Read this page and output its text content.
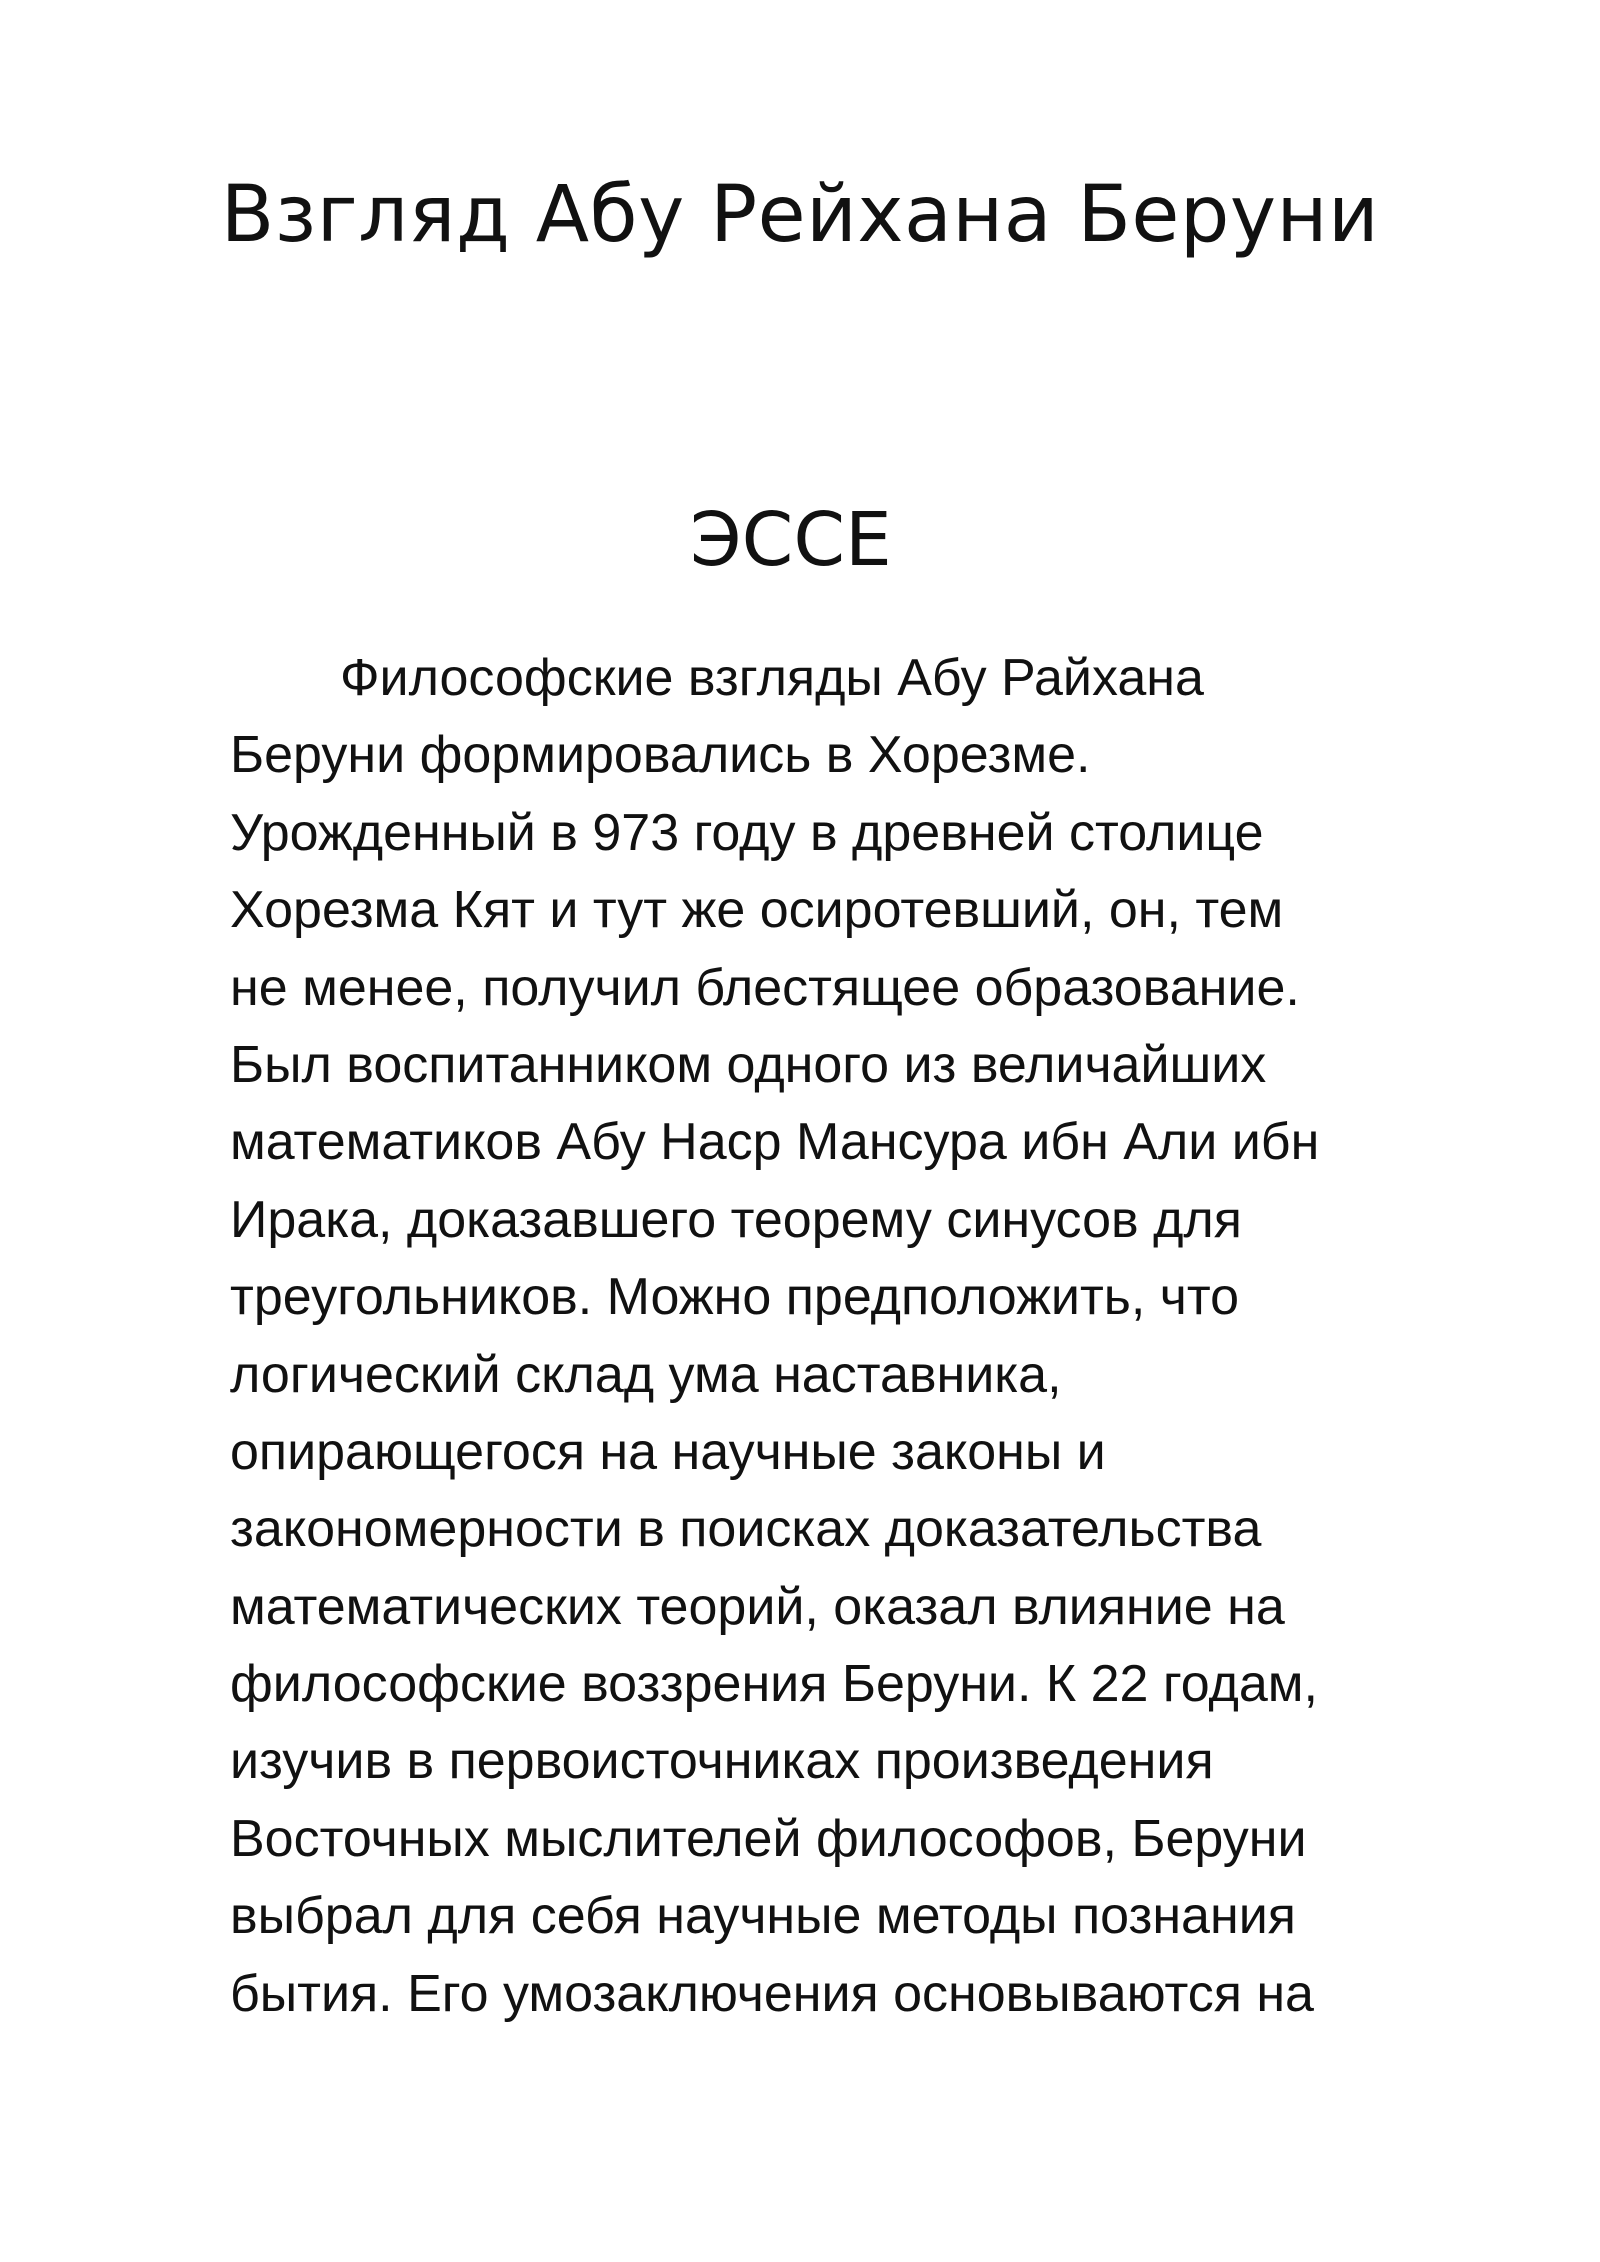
Взгляд Абу Рейхана Беруни
ЭССЕ
Философские взгляды Абу Райхана
Беруни формировались в Хорезме.
Урожденный в 973 году в древней столице
Хорезма Кят и тут же осиротевший, он, тем
не менее, получил блестящее образование.
Был воспитанником одного из величайших
математиков Абу Наср Мансура ибн Али ибн
Ирака, доказавшего теорему синусов для
треугольников. Можно предположить, что
логический склад ума наставника,
опирающегося на научные законы и
закономерности в поисках доказательства
математических теорий, оказал влияние на
философские воззрения Беруни. К 22 годам,
изучив в первоисточниках произведения
Восточных мыслителей философов, Беруни
выбрал для себя научные методы познания
бытия. Его умозаключения основываются на
